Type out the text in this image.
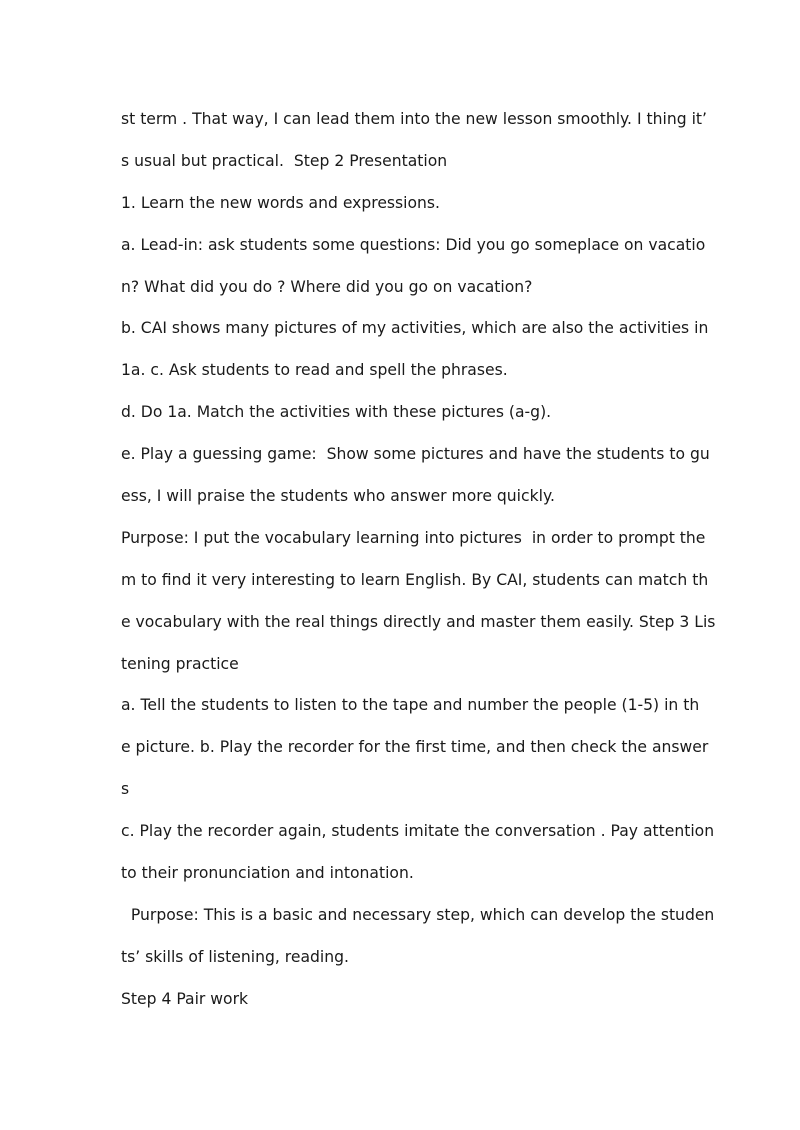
st term . That way, I can lead them into the new lesson smoothly. I thing it’
s usual but practical.  Step 2 Presentation
1. Learn the new words and expressions.
a. Lead-in: ask students some questions: Did you go someplace on vacatio
n? What did you do ? Where did you go on vacation?
b. CAI shows many pictures of my activities, which are also the activities in
1a. c. Ask students to read and spell the phrases.
d. Do 1a. Match the activities with these pictures (a-g).
e. Play a guessing game:  Show some pictures and have the students to gu
ess, I will praise the students who answer more quickly.
Purpose: I put the vocabulary learning into pictures  in order to prompt the
m to find it very interesting to learn English. By CAI, students can match th
e vocabulary with the real things directly and master them easily. Step 3 Lis
tening practice
a. Tell the students to listen to the tape and number the people (1-5) in th
e picture. b. Play the recorder for the first time, and then check the answer
s
c. Play the recorder again, students imitate the conversation . Pay attention
to their pronunciation and intonation.
Purpose: This is a basic and necessary step, which can develop the studen
ts’ skills of listening, reading.
Step 4 Pair work
